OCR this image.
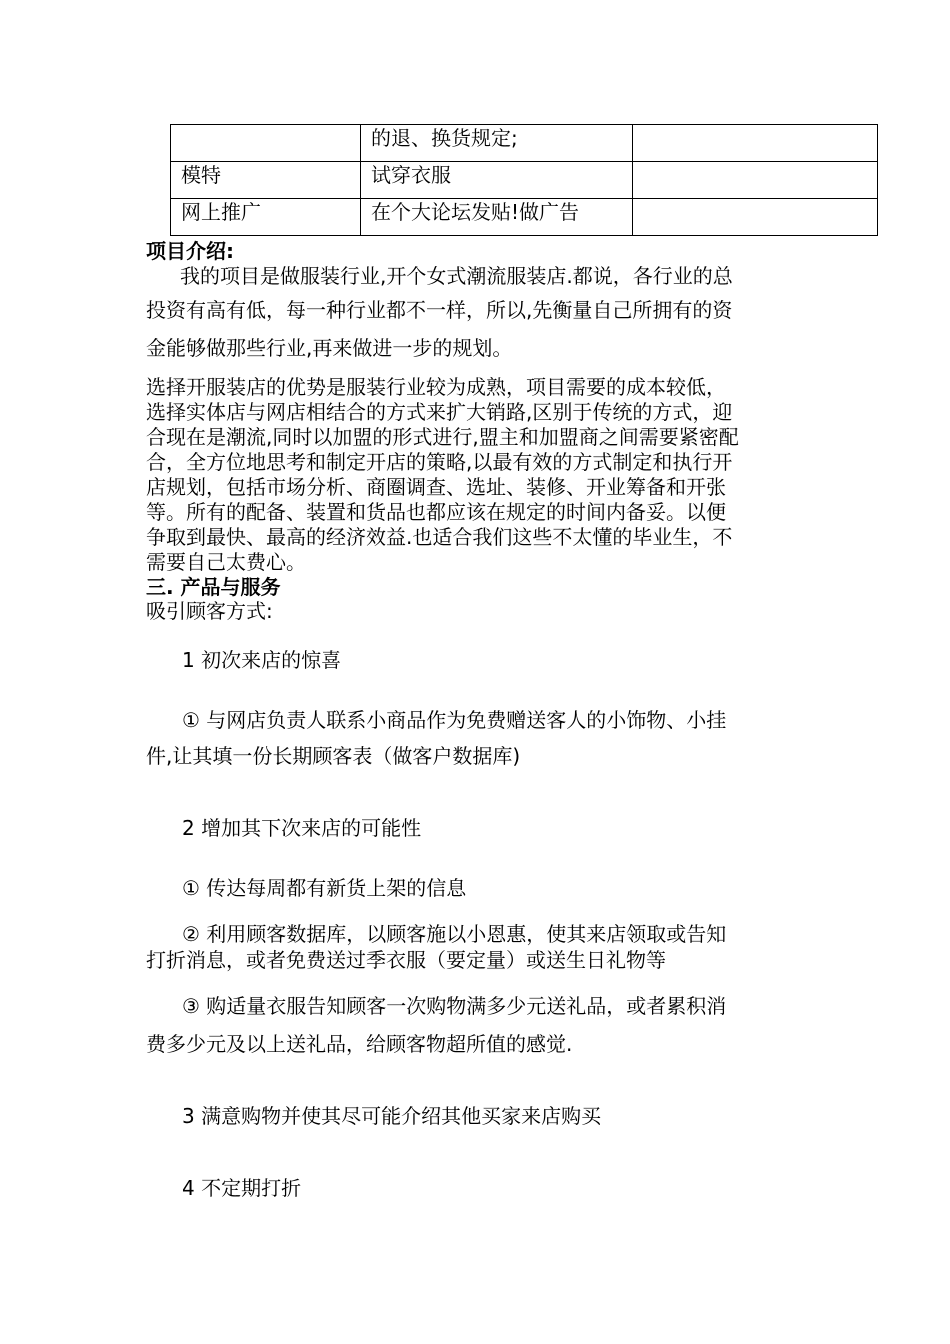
	的退、换货规定;	
模特	试穿衣服	
网上推广	在个大论坛发贴!做广告	
项目介绍:
我的项目是做服装行业,开个女式潮流服装店.都说，各行业的总
投资有高有低，每一种行业都不一样，所以,先衡量自己所拥有的资
金能够做那些行业,再来做进一步的规划。
选择开服装店的优势是服装行业较为成熟，项目需要的成本较低，
选择实体店与网店相结合的方式来扩大销路,区别于传统的方式，迎
合现在是潮流,同时以加盟的形式进行,盟主和加盟商之间需要紧密配
合，全方位地思考和制定开店的策略,以最有效的方式制定和执行开
店规划，包括市场分析、商圈调查、选址、装修、开业筹备和开张
等。所有的配备、装置和货品也都应该在规定的时间内备妥。以便
争取到最快、最高的经济效益.也适合我们这些不太懂的毕业生，不
需要自己太费心。
三. 产品与服务
吸引顾客方式:
1 初次来店的惊喜
① 与网店负责人联系小商品作为免费赠送客人的小饰物、小挂
件,让其填一份长期顾客表（做客户数据库)
2 增加其下次来店的可能性
① 传达每周都有新货上架的信息
② 利用顾客数据库，以顾客施以小恩惠，使其来店领取或告知
打折消息，或者免费送过季衣服（要定量）或送生日礼物等
③ 购适量衣服告知顾客一次购物满多少元送礼品，或者累积消
费多少元及以上送礼品，给顾客物超所值的感觉.
3 满意购物并使其尽可能介绍其他买家来店购买
4 不定期打折
